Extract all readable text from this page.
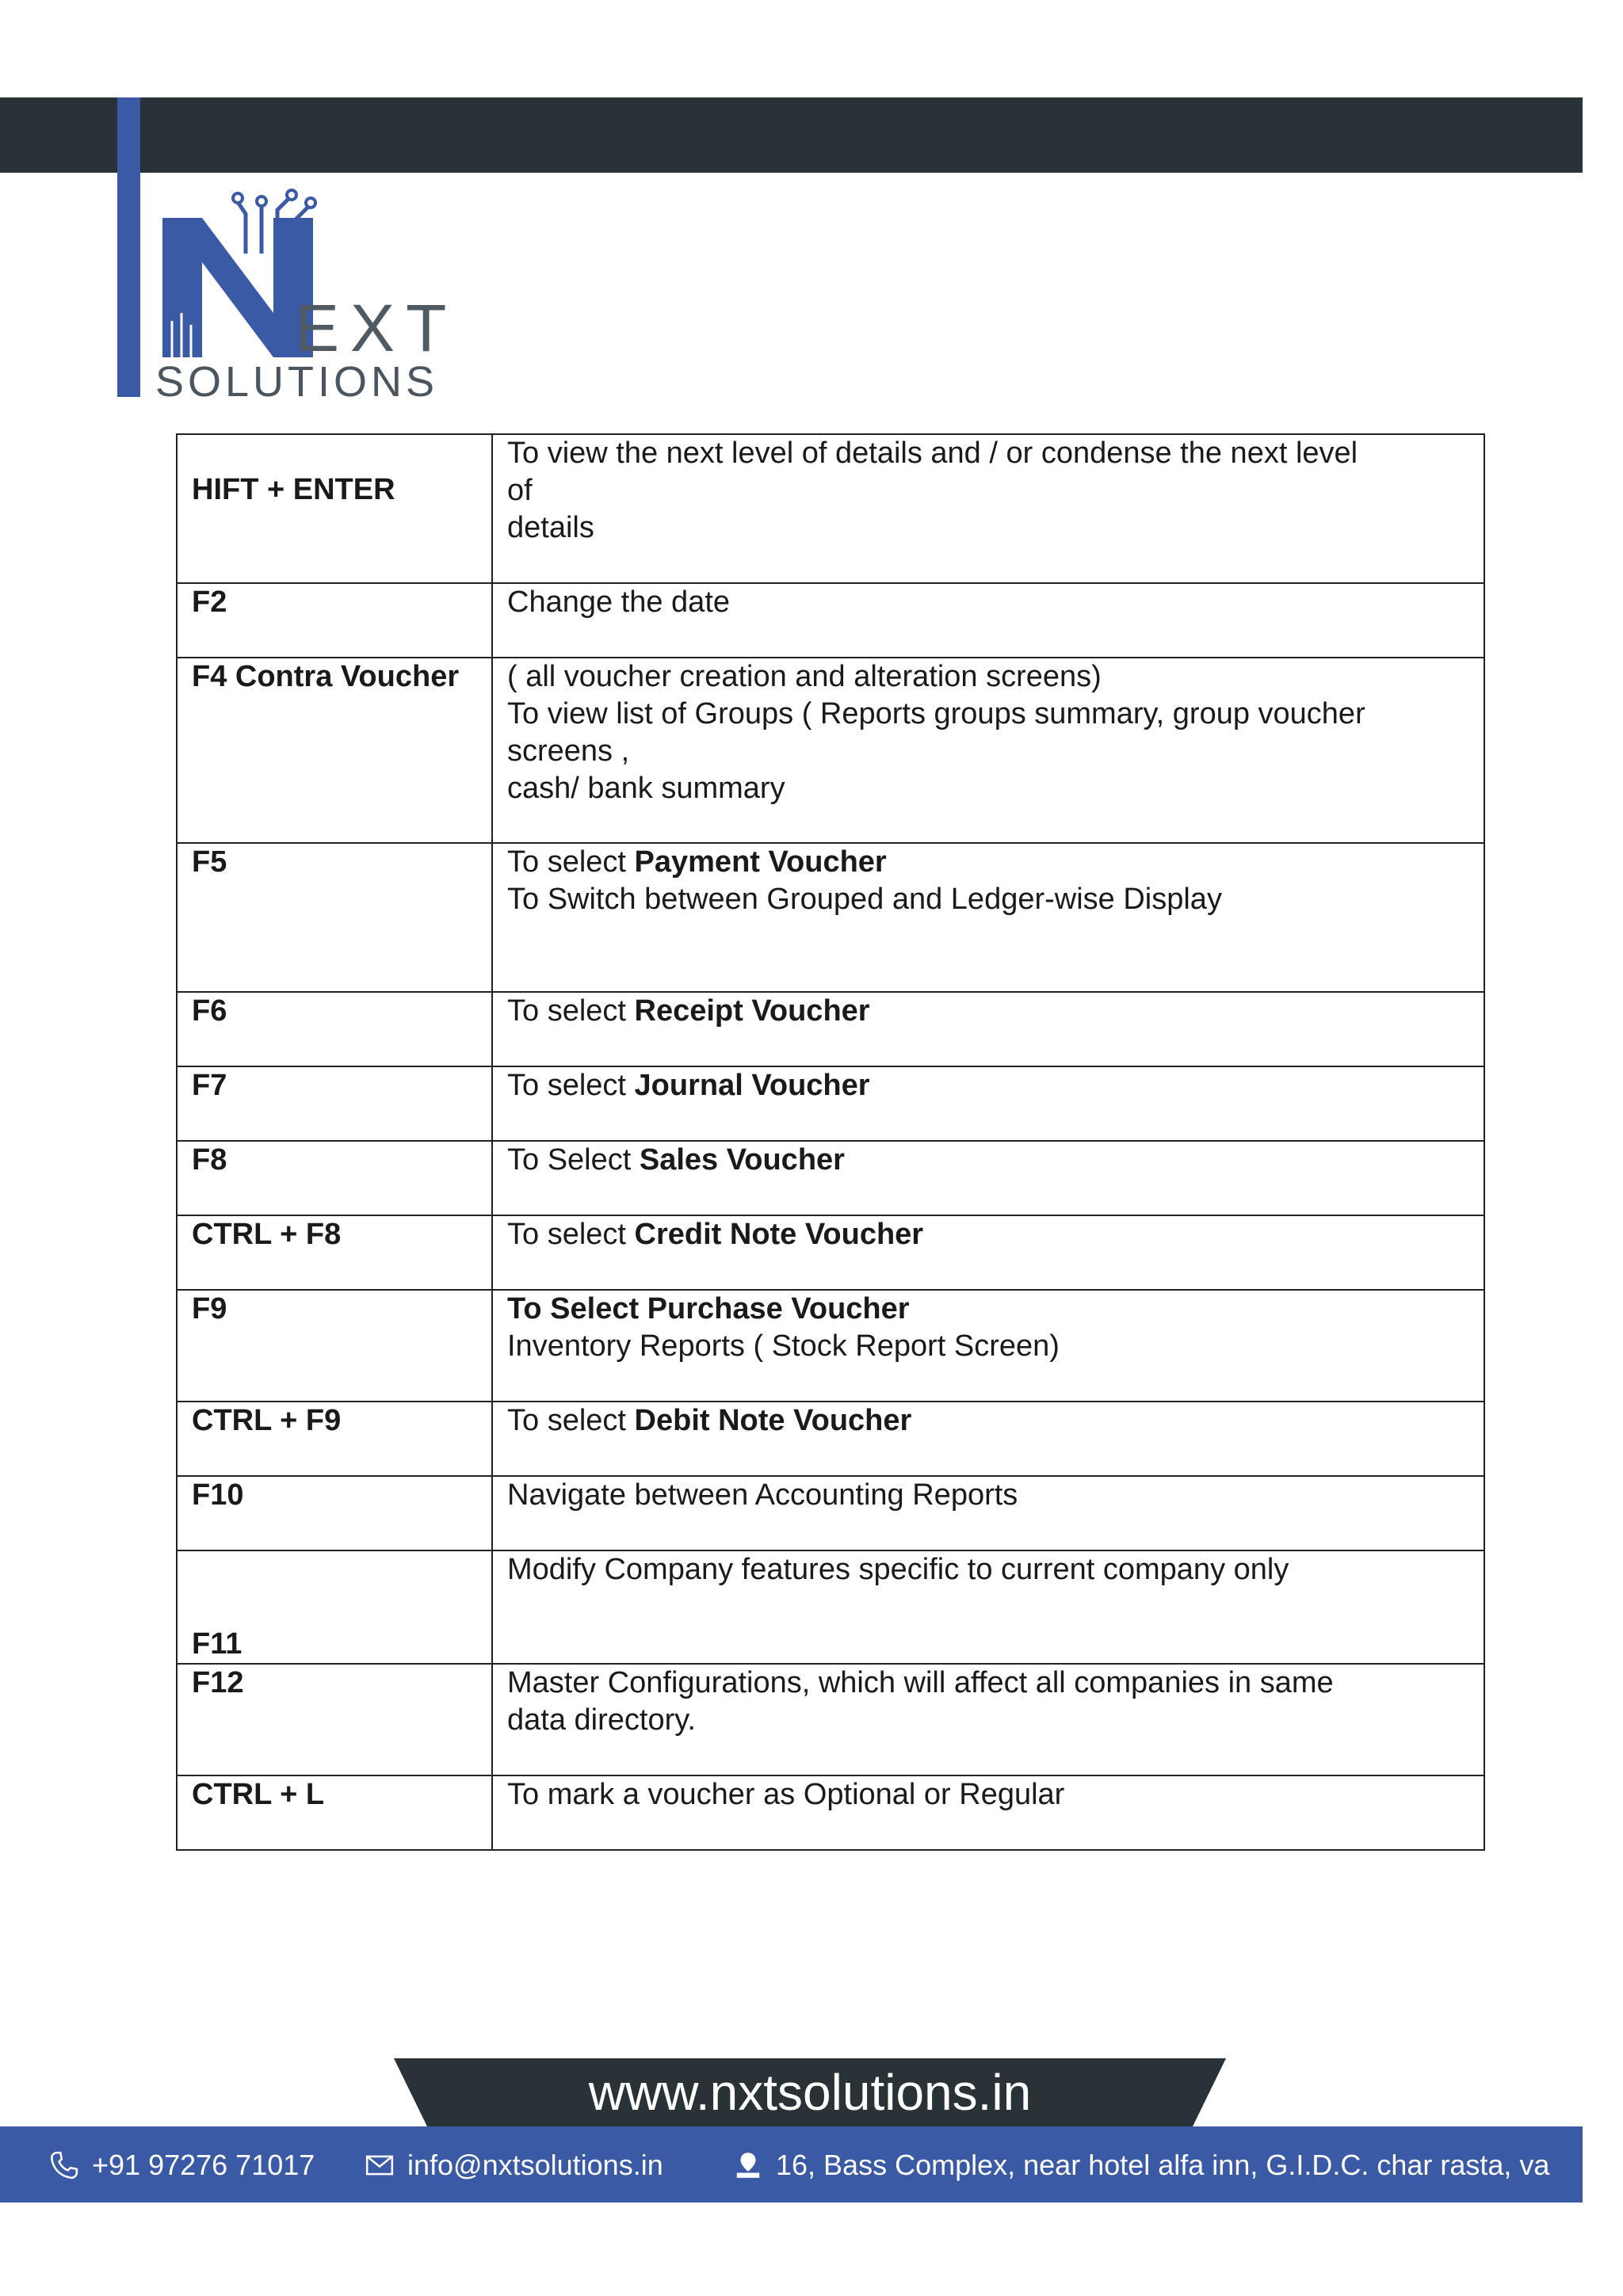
EXT
SOLUTIONS
HIFT + ENTER	To view the next level of details and / or condense the next level
of
details

F2	Change the date

F4 Contra Voucher	( all voucher creation and alteration screens)
To view list of Groups ( Reports groups summary, group voucher
screens ,
cash/ bank summary

F5	To select Payment Voucher
To Switch between Grouped and Ledger-wise Display

F6	To select Receipt Voucher

F7	To select Journal Voucher

F8	To Select Sales Voucher

CTRL + F8	To select Credit Note Voucher

F9	To Select Purchase Voucher
Inventory Reports ( Stock Report Screen)

CTRL + F9	To select Debit Note Voucher

F10	Navigate between Accounting Reports

F11	Modify Company features specific to current company only

F12	Master Configurations, which will affect all companies in same
data directory.

CTRL + L	To mark a voucher as Optional or Regular
www.nxtsolutions.in
+91 97276 71017	info@nxtsolutions.in	16, Bass Complex, near hotel alfa inn, G.I.D.C. char rasta, va
